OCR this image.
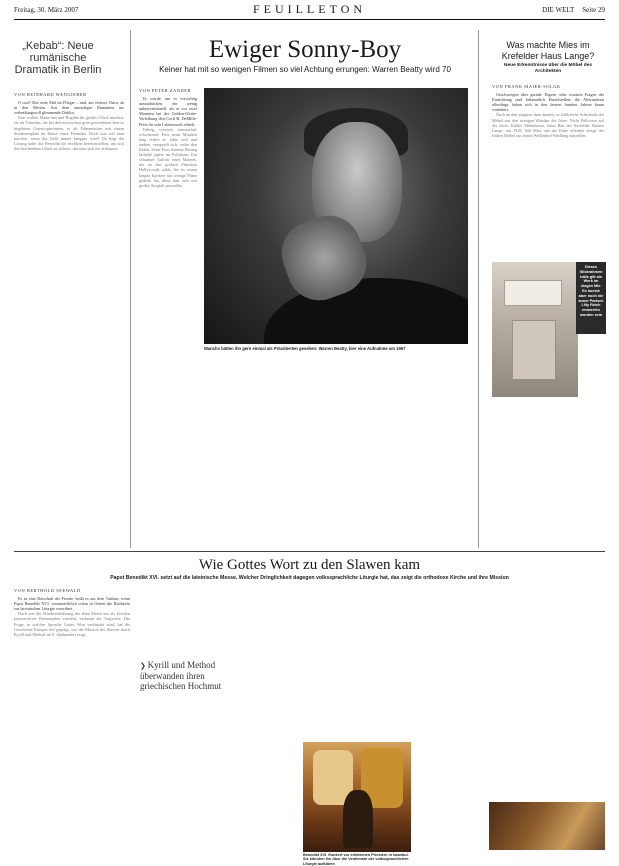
Freitag, 30. März 2007	DIE WELT Seite 29
FEUILLETON
„Kebab“: Neue rumänische Dramatik in Berlin
VON REINHARD WENGIERER

O cool! Das erste Mal im Flieger – und, aus fetterer Ostra, ab in den Westen. Aus dem armseligen Rumänien ins verheißungsvoll glimmende Dublin.

Dort wollen Mada-lina und Bogdan ihr großes Glück machen; sie als Tänzerin, die bei den inzwischen grün gewordenen Iren so begehrten Osteuropäerinnen, er als Filmemacher mit einem Studentenplatz im Hause eines Freundes. Doch was soll man machen, wenn das Geld immer knapper wird? Da liegt die Lösung nahe: die Freundin für Sexfilme bereitzustellen, um sich das bescheidene Glück zu sichern, das man sich nie erträumte.

Ewiger Sonny-Boy
Keiner hat mit so wenigen Filmen so viel Achtung errungen: Warren Beatty wird 70
VON PETER ZANDER

Er würde, um es vorsichtig auszudrücken, ein wenig unkonventionell, als er vor zwei Monaten bei der Golden-Globe-Verleihung den Cecil B. DeMille-Preis für sein Lebenswerk erhielt.

Fahrig, verwirrt, stammelnd, schwitzend: Fast neun Minuten lang redete er, lobte sich und andere, versprach sich, verlor den Faden. Seine Frau Annette Bening lächelte tapfer im Publikum. Ein seltsamer Auftritt eines Mannes, der zu den größten Filmstars Hollywoods zählt, der in seiner langen Karriere nur wenige Filme gedreht hat, diese aber stets mit großer Sorgfalt auswählte.

Wanchs hätten ihn gern einmal als Präsidenten gesehen: Warren Beatty, hier eine Aufnahme um 1967
Was machte Mies im Krefelder Haus Lange?
Neue Erkenntnisse über die Möbel des Architekten
VON FRANK MAIER-SOLGK

Geschweigen über gerade. Eigent- oder woraufe Fragen der Einrichtung sind bekanntlich Einzelstellen; die Alternativen allerdings haben sich in den letzten hundert Jahren kaum verändert.

Noch an den jüngsten dazu kamen, so Zahlreiche Schicksale der Möbel aus den strengen Wänden der Jahre. Nicht Pullovern auf der leicht Kühler Möbelnasse, beim Bau des Krefelder Hauses Lange, um 1928, ließ Mies van der Rohe offenbar einige der frühen Möbel aus seiner Weißenhof-Siedlung aufstellen.

Dieses Stickrahmen halls gilt als Werk im Jargen Mie. Es koeste aber noch nie anner Parisch Lilly Reich entwerfen worden sein
Wie Gottes Wort zu den Slawen kam
Papst Benedikt XVI. setzt auf die lateinische Messe. Welcher Dringlichkeit dagegen volkssprachliche Liturgie hat, das zeigt die orthodoxe Kirche und ihre Mission
VON BERTHOLD SEEWALD

Es ist eine Botschaft der Freude, heißt es aus dem Vatikan, wenn Papst Benedikt XVI. voraussichtlich schon in Ostern die Rückkehr zur lateinischen Liturgie verordnet.

Doch wer die Wiedereinführung der alten Messe nur als Zeichen konservativer Restauration versteht, verkennt die Tragweite. Die Frage, in welcher Sprache Gottes Wort verkündet wird, hat die Geschichte Europas tief geprägt, wie die Mission der Slawen durch Kyrill und Method im 9. Jahrhundert zeigt.

❯ Kyrill und Method überwanden ihren griechischen Hochmut
Benedikt XVI. Eunkert vor erfahrenen Priestern in Istanbul. Sie könnten ihn über die Verdienste der volkssprachlichen Liturgie aufklären
